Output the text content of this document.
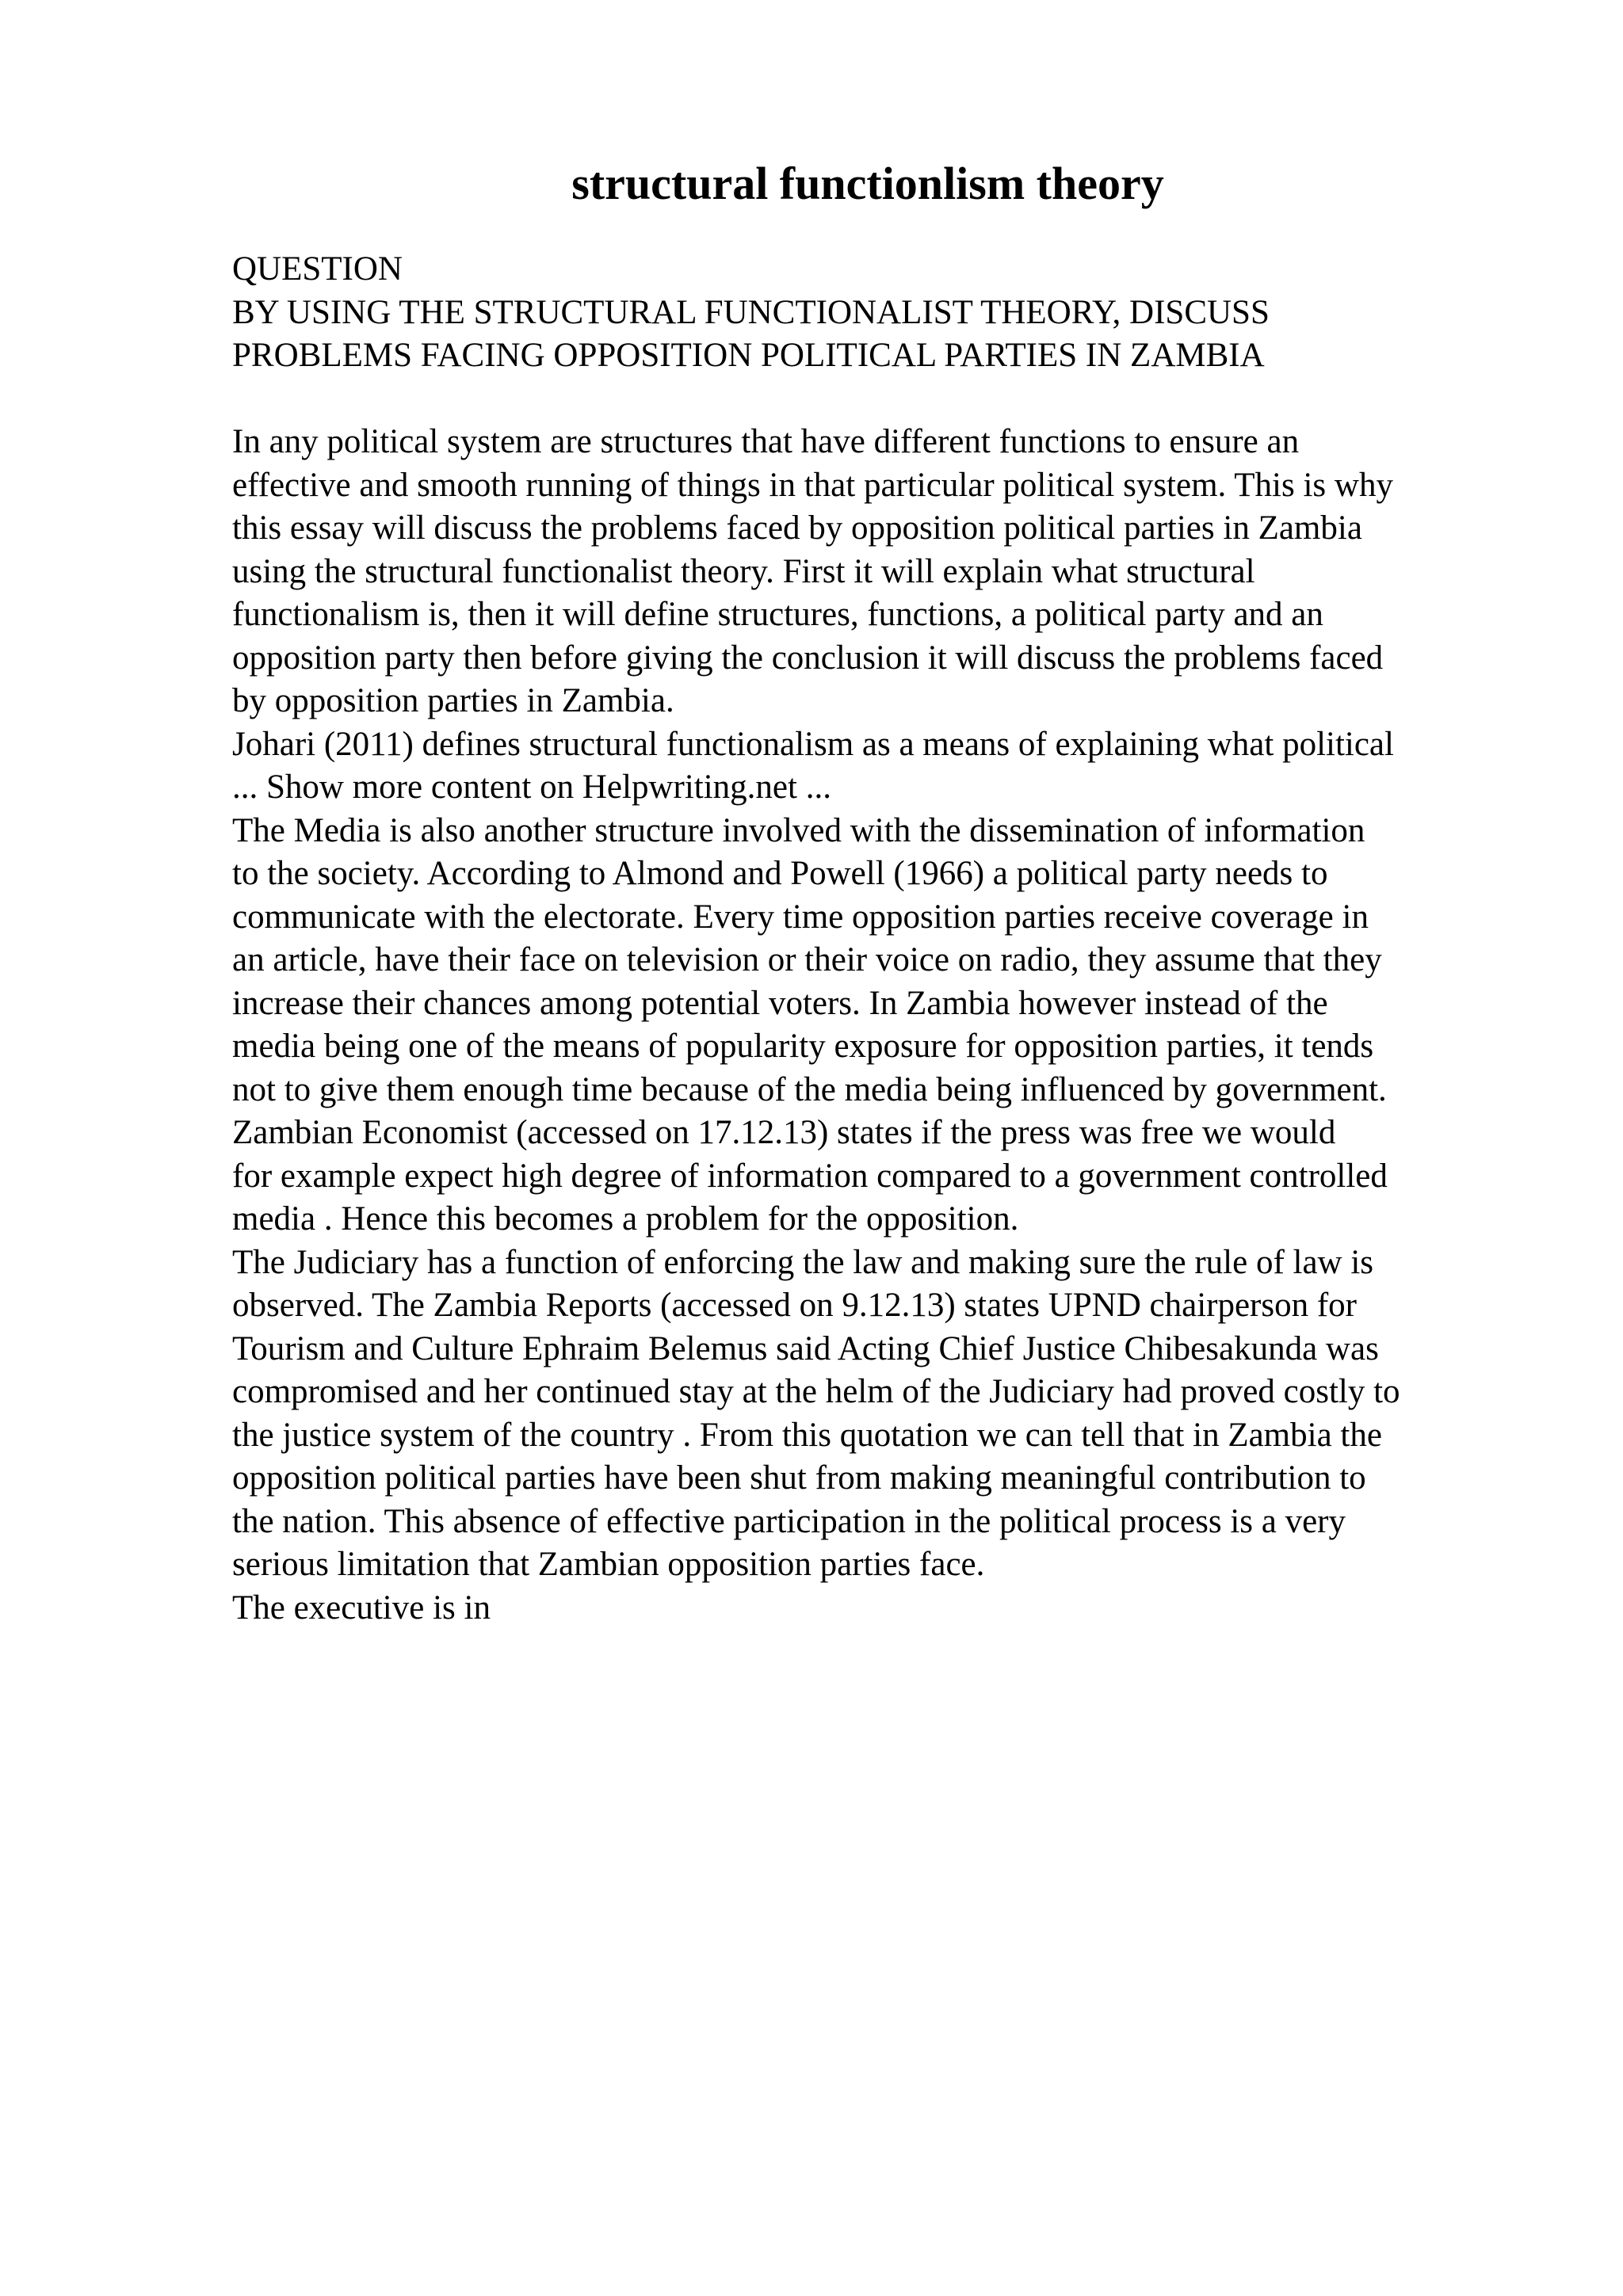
structural functionlism theory
QUESTION
BY USING THE STRUCTURAL FUNCTIONALIST THEORY, DISCUSS
PROBLEMS FACING OPPOSITION POLITICAL PARTIES IN ZAMBIA
In any political system are structures that have different functions to ensure an
effective and smooth running of things in that particular political system. This is why
this essay will discuss the problems faced by opposition political parties in Zambia
using the structural functionalist theory. First it will explain what structural
functionalism is, then it will define structures, functions, a political party and an
opposition party then before giving the conclusion it will discuss the problems faced
by opposition parties in Zambia.
Johari (2011) defines structural functionalism as a means of explaining what political
... Show more content on Helpwriting.net ...
The Media is also another structure involved with the dissemination of information
to the society. According to Almond and Powell (1966) a political party needs to
communicate with the electorate. Every time opposition parties receive coverage in
an article, have their face on television or their voice on radio, they assume that they
increase their chances among potential voters. In Zambia however instead of the
media being one of the means of popularity exposure for opposition parties, it tends
not to give them enough time because of the media being influenced by government.
Zambian Economist (accessed on 17.12.13) states if the press was free we would
for example expect high degree of information compared to a government controlled
media . Hence this becomes a problem for the opposition.
The Judiciary has a function of enforcing the law and making sure the rule of law is
observed. The Zambia Reports (accessed on 9.12.13) states UPND chairperson for
Tourism and Culture Ephraim Belemus said Acting Chief Justice Chibesakunda was
compromised and her continued stay at the helm of the Judiciary had proved costly to
the justice system of the country . From this quotation we can tell that in Zambia the
opposition political parties have been shut from making meaningful contribution to
the nation. This absence of effective participation in the political process is a very
serious limitation that Zambian opposition parties face.
The executive is in
